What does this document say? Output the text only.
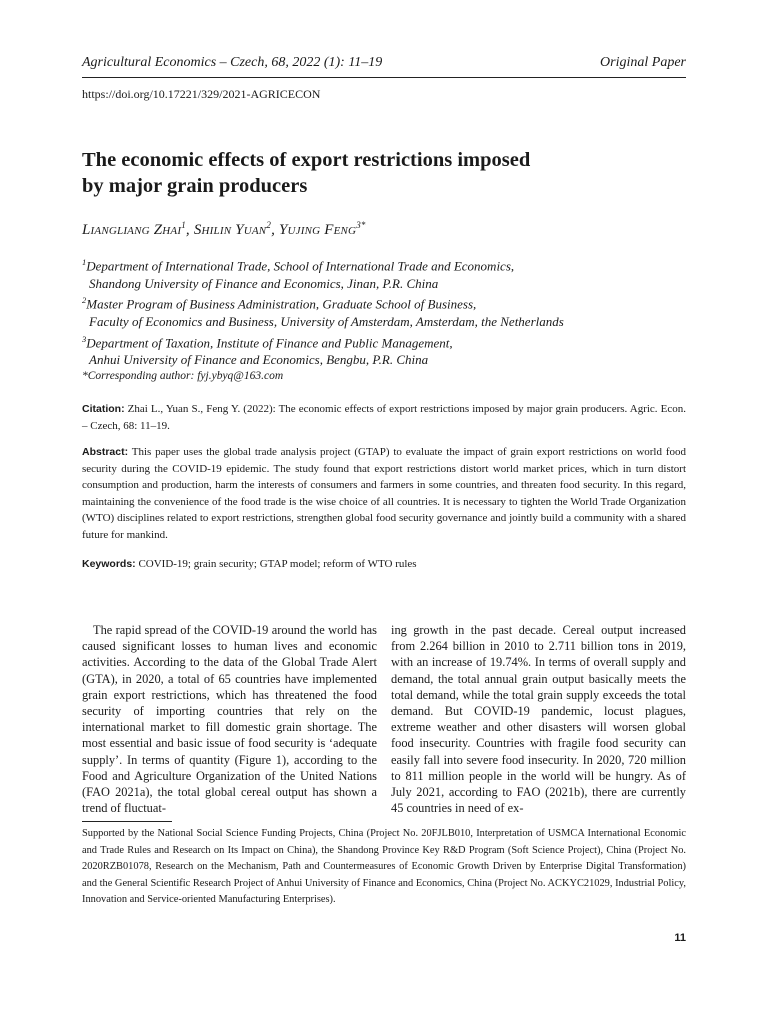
Agricultural Economics – Czech, 68, 2022 (1): 11–19	Original Paper
https://doi.org/10.17221/329/2021-AGRICECON
The economic effects of export restrictions imposed
by major grain producers
Liangliang Zhai$^1$, Shilin Yuan$^2$, Yujing Feng$^{3*}$

$^1$Department of International Trade, School of International Trade and Economics,

Shandong University of Finance and Economics, Jinan, P.R. China

$^2$Master Program of Business Administration, Graduate School of Business,

Faculty of Economics and Business, University of Amsterdam, Amsterdam, the Netherlands

$^3$Department of Taxation, Institute of Finance and Public Management,

Anhui University of Finance and Economics, Bengbu, P.R. China

*Corresponding author: fyj.ybyq@163.com
Citation: Zhai L., Yuan S., Feng Y. (2022): The economic effects of export restrictions imposed by major grain producers. Agric. Econ. – Czech, 68: 11–19.
Abstract: This paper uses the global trade analysis project (GTAP) to evaluate the impact of grain export restrictions on world food security during the COVID-19 epidemic. The study found that export restrictions distort world market prices, which in turn distort consumption and production, harm the interests of consumers and farmers in some countries, and threaten food security. In this regard, maintaining the convenience of the food trade is the wise choice of all countries. It is necessary to tighten the World Trade Organization (WTO) disciplines related to export restrictions, strengthen global food security governance and jointly build a community with a shared future for mankind.
Keywords: COVID-19; grain security; GTAP model; reform of WTO rules

The rapid spread of the COVID-19 around the world has caused significant losses to human lives and economic activities. According to the data of the Global Trade Alert (GTA), in 2020, a total of 65 countries have implemented grain export restrictions, which has threatened the food security of importing countries that rely on the international market to fill domestic grain shortage. The most essential and basic issue of food security is ‘adequate supply’. In terms of quantity (Figure 1), according to the Food and Agriculture Organization of the United Nations (FAO 2021a), the total global cereal output has shown a trend of fluctuat-

ing growth in the past decade. Cereal output increased from 2.264 billion in 2010 to 2.711 billion tons in 2019, with an increase of 19.74%. In terms of overall supply and demand, the total annual grain output basically meets the total demand, while the total grain supply exceeds the total demand. But COVID-19 pandemic, locust plagues, extreme weather and other disasters will worsen global food insecurity. Countries with fragile food security can easily fall into severe food insecurity. In 2020, 720 million to 811 million people in the world will be hungry. As of July 2021, according to FAO (2021b), there are currently 45 countries in need of ex-

Supported by the National Social Science Funding Projects, China (Project No. 20FJLB010, Interpretation of USMCA International Economic and Trade Rules and Research on Its Impact on China), the Shandong Province Key R&D Program (Soft Science Project), China (Project No. 2020RZB01078, Research on the Mechanism, Path and Countermeasures of Economic Growth Driven by Enterprise Digital Transformation) and the General Scientific Research Project of Anhui University of Finance and Economics, China (Project No. ACKYC21029, Industrial Policy, Innovation and Service-oriented Manufacturing Enterprises).
11
